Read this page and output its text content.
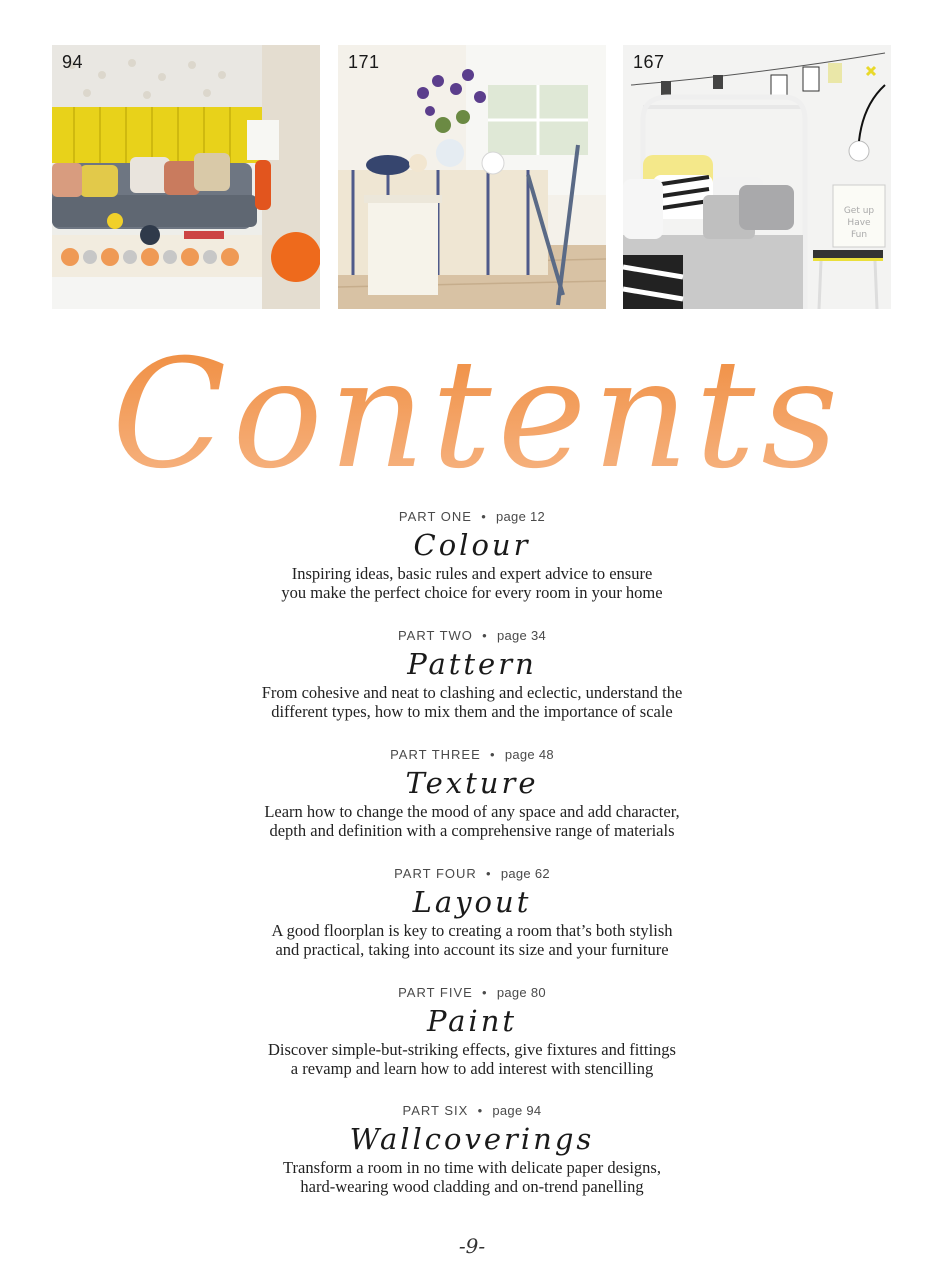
94	171
Get up
Have
Fun
167
Contents
PART ONE • page 12
Colour
Inspiring ideas, basic rules and expert advice to ensure
you make the perfect choice for every room in your home
PART TWO • page 34
Pattern
From cohesive and neat to clashing and eclectic, understand the
different types, how to mix them and the importance of scale
PART THREE • page 48
Texture
Learn how to change the mood of any space and add character,
depth and definition with a comprehensive range of materials
PART FOUR • page 62
Layout
A good floorplan is key to creating a room that’s both stylish
and practical, taking into account its size and your furniture
PART FIVE • page 80
Paint
Discover simple-but-striking effects, give fixtures and fittings
a revamp and learn how to add interest with stencilling
PART SIX • page 94
Wallcoverings
Transform a room in no time with delicate paper designs,
hard-wearing wood cladding and on-trend panelling
-9-
